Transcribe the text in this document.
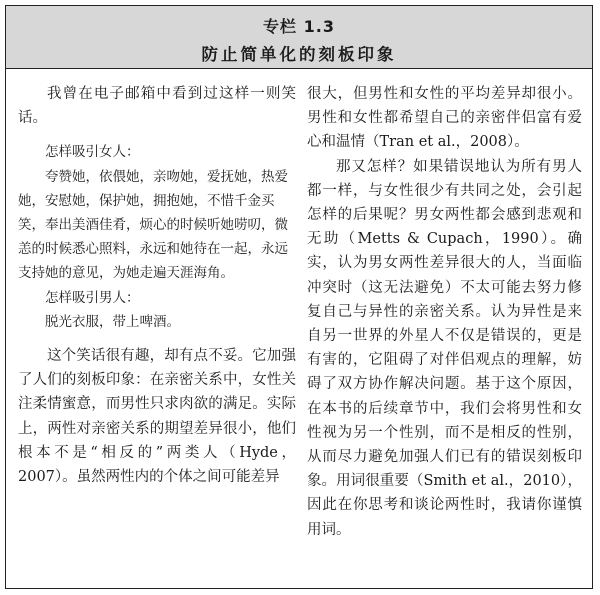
专栏 1.3
防止简单化的刻板印象

我曾在电子邮箱中看到过这样一则笑话。

怎样吸引女人：

夸赞她，依偎她，亲吻她，爱抚她，热爱她，安慰她，保护她，拥抱她，不惜千金买笑，奉出美酒佳肴，烦心的时候听她唠叨，微恙的时候悉心照料，永远和她待在一起，永远支持她的意见，为她走遍天涯海角。

怎样吸引男人：

脱光衣服，带上啤酒。

这个笑话很有趣，却有点不妥。它加强了人们的刻板印象：在亲密关系中，女性关注柔情蜜意，而男性只求肉欲的满足。实际上，两性对亲密关系的期望差异很小，他们根本不是“相反的”两类人（Hyde，2007）。虽然两性内的个体之间可能差异

很大，但男性和女性的平均差异却很小。男性和女性都希望自己的亲密伴侣富有爱心和温情（Tran et al.，2008）。

那又怎样？如果错误地认为所有男人都一样，与女性很少有共同之处，会引起怎样的后果呢？男女两性都会感到悲观和无助（Metts & Cupach，1990）。确实，认为男女两性差异很大的人，当面临冲突时（这无法避免）不太可能去努力修复自己与异性的亲密关系。认为异性是来自另一世界的外星人不仅是错误的，更是有害的，它阻碍了对伴侣观点的理解，妨碍了双方协作解决问题。基于这个原因，在本书的后续章节中，我们会将男性和女性视为另一个性别，而不是相反的性别，从而尽力避免加强人们已有的错误刻板印象。用词很重要（Smith et al.，2010），因此在你思考和谈论两性时，我请你谨慎用词。
